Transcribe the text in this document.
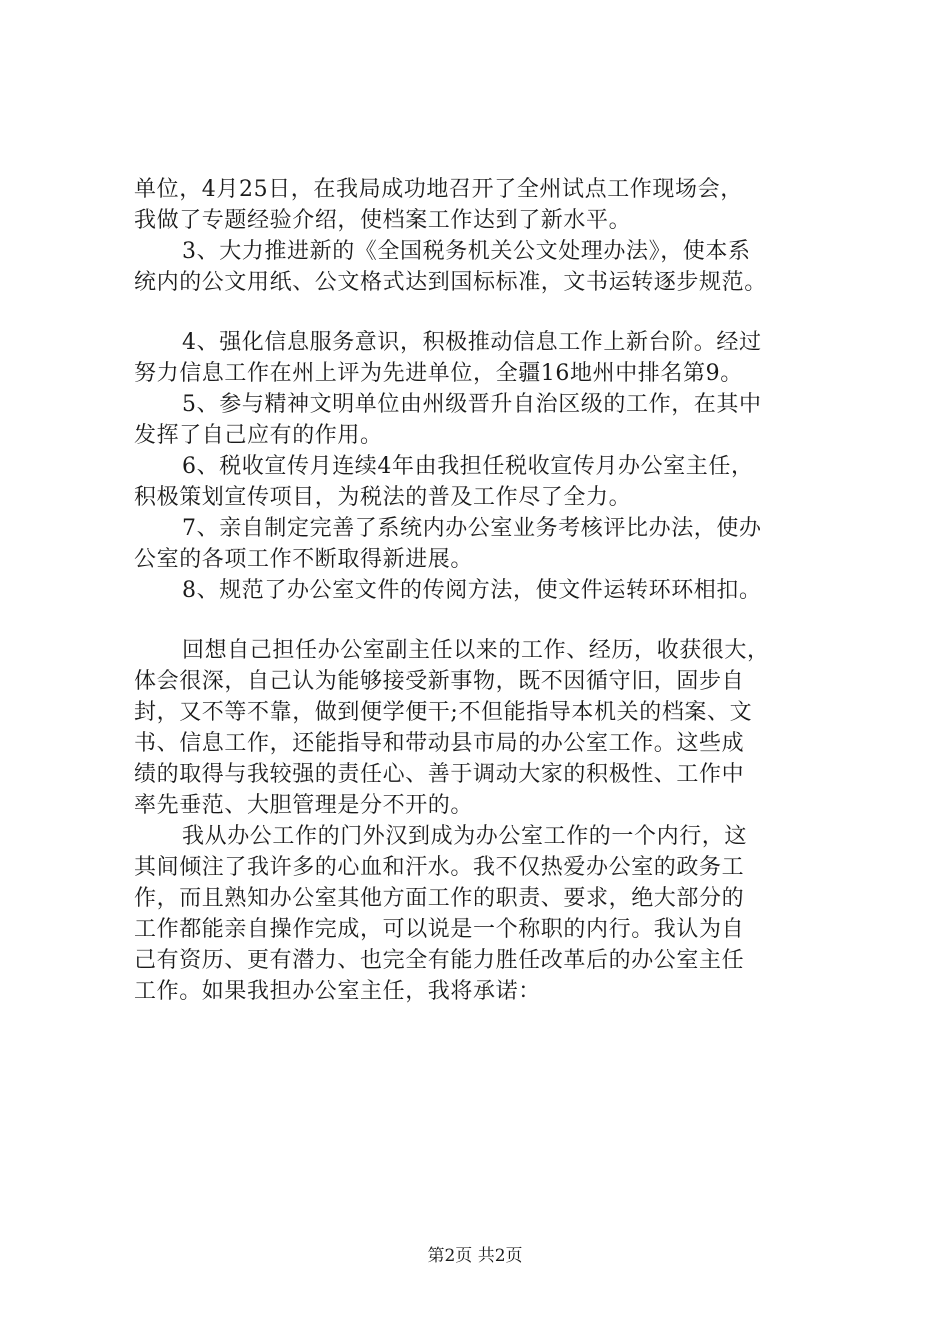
单位，4月25日，在我局成功地召开了全州试点工作现场会，
我做了专题经验介绍，使档案工作达到了新水平。
3、大力推进新的《全国税务机关公文处理办法》，使本系
统内的公文用纸、公文格式达到国标标准，文书运转逐步规范。
4、强化信息服务意识，积极推动信息工作上新台阶。经过
努力信息工作在州上评为先进单位，全疆16地州中排名第9。
5、参与精神文明单位由州级晋升自治区级的工作，在其中
发挥了自己应有的作用。
6、税收宣传月连续4年由我担任税收宣传月办公室主任，
积极策划宣传项目，为税法的普及工作尽了全力。
7、亲自制定完善了系统内办公室业务考核评比办法，使办
公室的各项工作不断取得新进展。
8、规范了办公室文件的传阅方法，使文件运转环环相扣。
回想自己担任办公室副主任以来的工作、经历，收获很大，
体会很深，自己认为能够接受新事物，既不因循守旧，固步自
封，又不等不靠，做到便学便干;不但能指导本机关的档案、文
书、信息工作，还能指导和带动县市局的办公室工作。这些成
绩的取得与我较强的责任心、善于调动大家的积极性、工作中
率先垂范、大胆管理是分不开的。
我从办公工作的门外汉到成为办公室工作的一个内行，这
其间倾注了我许多的心血和汗水。我不仅热爱办公室的政务工
作，而且熟知办公室其他方面工作的职责、要求，绝大部分的
工作都能亲自操作完成，可以说是一个称职的内行。我认为自
己有资历、更有潜力、也完全有能力胜任改革后的办公室主任
工作。如果我担办公室主任，我将承诺：
第2页 共2页
